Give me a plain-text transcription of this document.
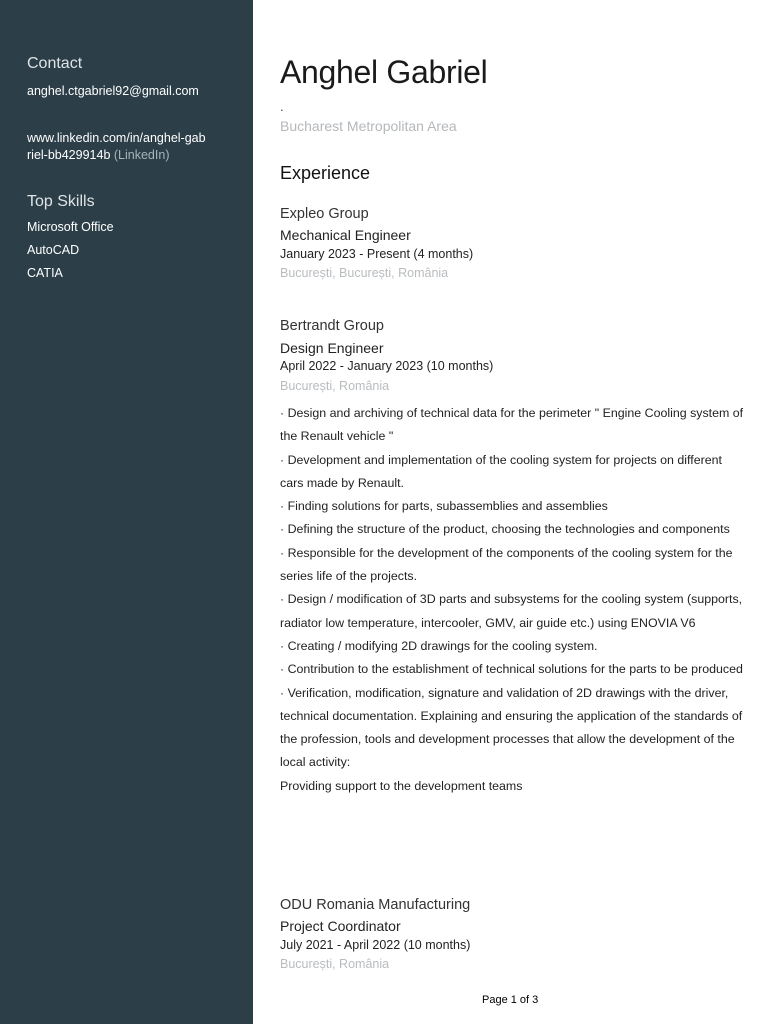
Contact
anghel.ctgabriel92@gmail.com
www.linkedin.com/in/anghel-gabriel-bb429914b (LinkedIn)
Top Skills
Microsoft Office
AutoCAD
CATIA
Anghel Gabriel
.
Bucharest Metropolitan Area
Experience
Expleo Group
Mechanical Engineer
January 2023 - Present (4 months)
București, București, România
Bertrandt Group
Design Engineer
April 2022 - January 2023 (10 months)
București, România
· Design and archiving of technical data for the perimeter " Engine Cooling system of the Renault vehicle "
· Development and implementation of the cooling system for projects on different cars made by Renault.
· Finding solutions for parts, subassemblies and assemblies
· Defining the structure of the product, choosing the technologies and components
· Responsible for the development of the components of the cooling system for the series life of the projects.
· Design / modification of 3D parts and subsystems for the cooling system (supports, radiator low temperature, intercooler, GMV, air guide etc.) using ENOVIA V6
· Creating / modifying 2D drawings for the cooling system.
· Contribution to the establishment of technical solutions for the parts to be produced
· Verification, modification, signature and validation of 2D drawings with the driver, technical documentation. Explaining and ensuring the application of the standards of the profession, tools and development processes that allow the development of the local activity:
Providing support to the development teams
ODU Romania Manufacturing
Project Coordinator
July 2021 - April 2022 (10 months)
București, România
Page 1 of 3
